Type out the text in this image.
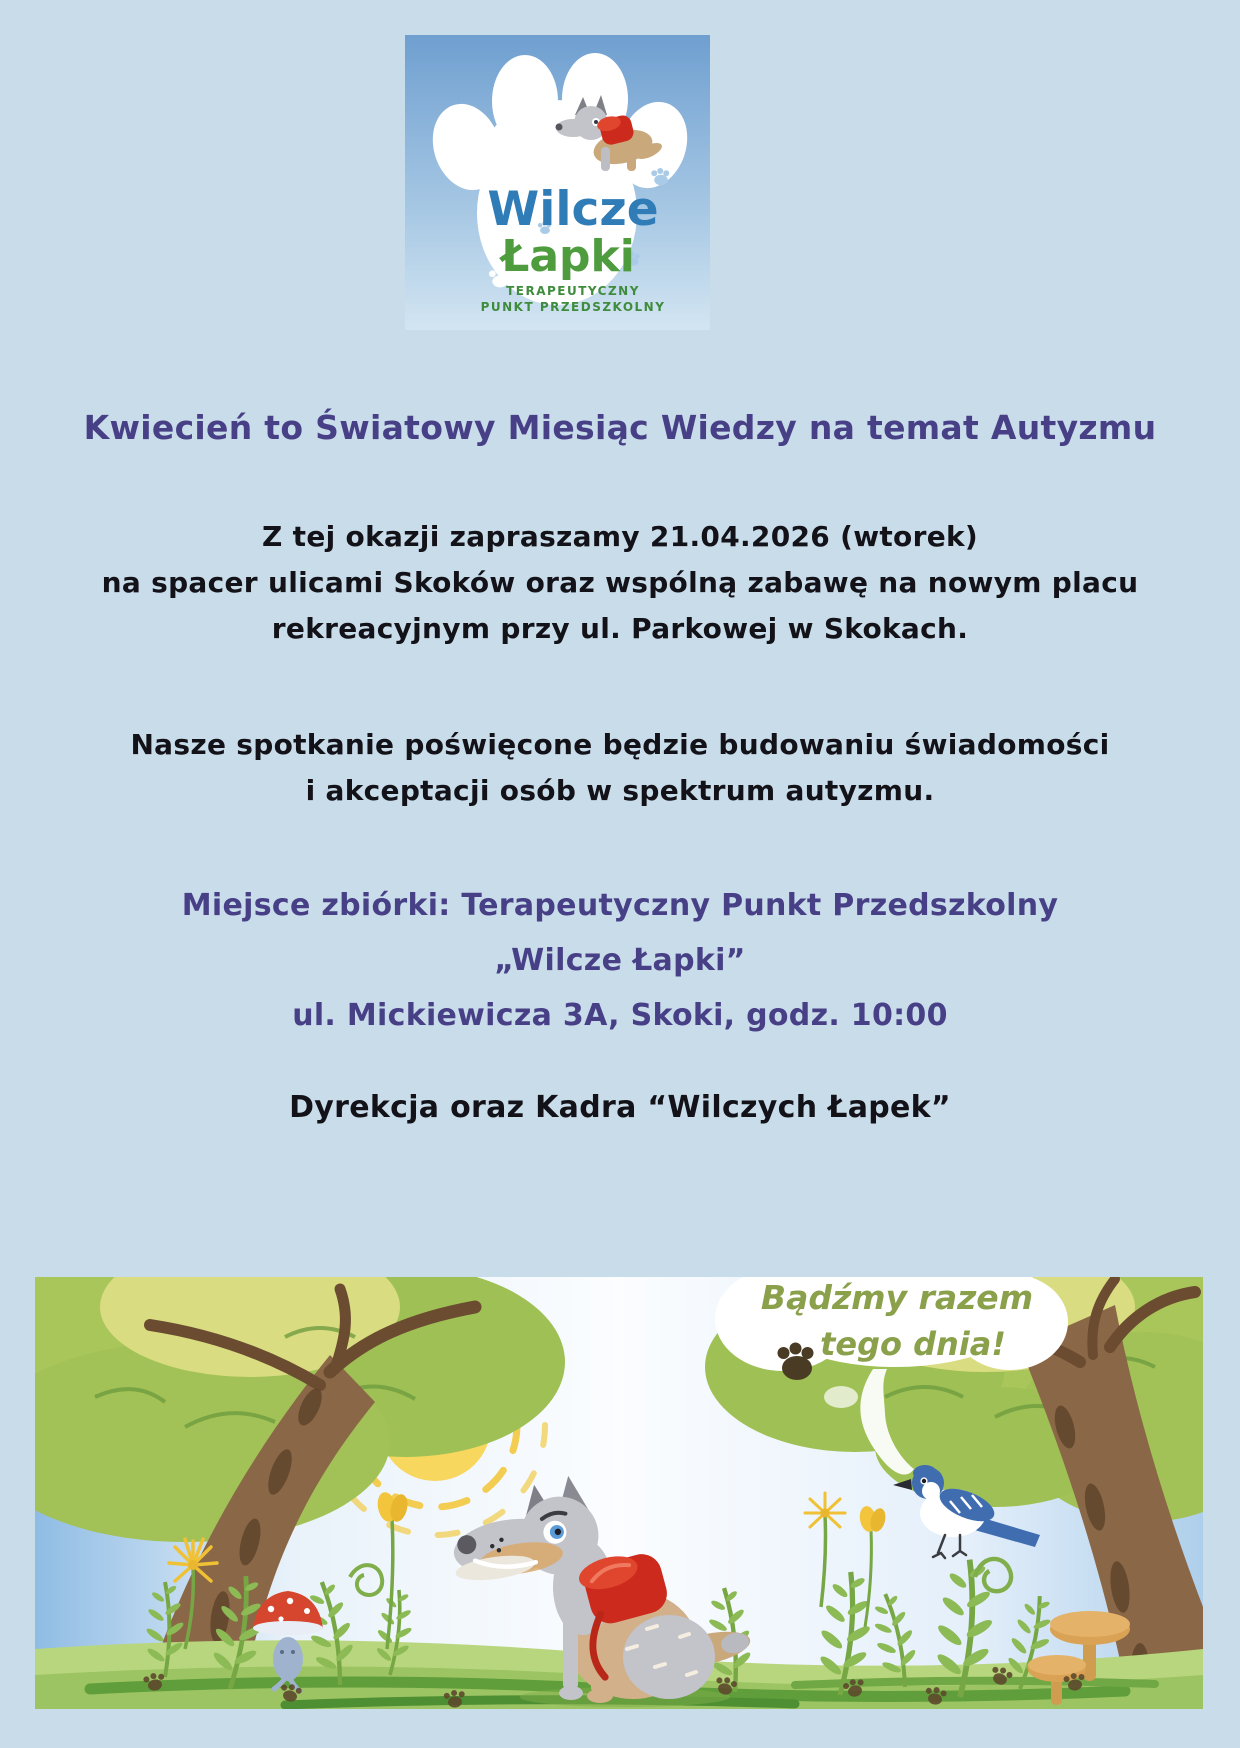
Wilcze
Łapki
TERAPEUTYCZNY
PUNKT PRZEDSZKOLNY
Kwiecień to Światowy Miesiąc Wiedzy na temat Autyzmu
Z tej okazji zapraszamy 21.04.2026 (wtorek)
na spacer ulicami Skoków oraz wspólną zabawę na nowym placu
rekreacyjnym przy ul. Parkowej w Skokach.
Nasze spotkanie poświęcone będzie budowaniu świadomości
i akceptacji osób w spektrum autyzmu.
Miejsce zbiórki: Terapeutyczny Punkt Przedszkolny
„Wilcze Łapki”
ul. Mickiewicza 3A, Skoki, godz. 10:00
Dyrekcja oraz Kadra “Wilczych Łapek”
Bądźmy razem
tego dnia!
